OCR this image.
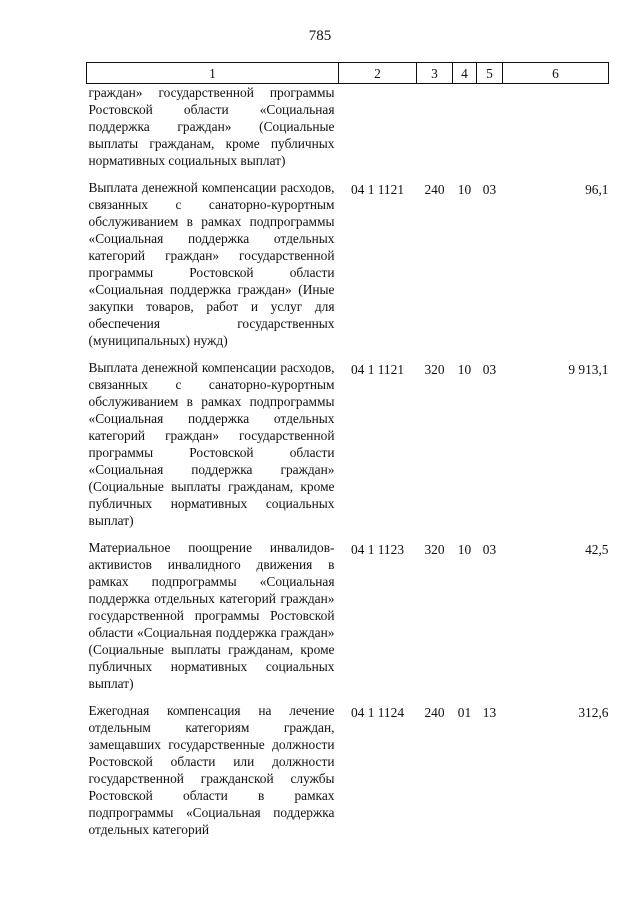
785
1	2	3	4	5	6
граждан» государственной программы Ростовской области «Социальная поддержка граждан» (Социальные выплаты гражданам, кроме публичных нормативных социальных выплат)					
Выплата денежной компенсации расходов, связанных с санаторно-курортным обслуживанием в рамках подпрограммы «Социальная поддержка отдельных категорий граждан» государственной программы Ростовской области «Социальная поддержка граждан» (Иные закупки товаров, работ и услуг для обеспечения государственных (муниципальных) нужд)	04 1 1121	240	10	03	96,1
Выплата денежной компенсации расходов, связанных с санаторно-курортным обслуживанием в рамках подпрограммы «Социальная поддержка отдельных категорий граждан» государственной программы Ростовской области «Социальная поддержка граждан» (Социальные выплаты гражданам, кроме публичных нормативных социальных выплат)	04 1 1121	320	10	03	9 913,1
Материальное поощрение инвалидов-активистов инвалидного движения в рамках подпрограммы «Социальная поддержка отдельных категорий граждан» государственной программы Ростовской области «Социальная поддержка граждан» (Социальные выплаты гражданам, кроме публичных нормативных социальных выплат)	04 1 1123	320	10	03	42,5
Ежегодная компенсация на лечение отдельным категориям граждан, замещавших государственные должности Ростовской области или должности государственной гражданской службы Ростовской области в рамках подпрограммы «Социальная поддержка отдельных категорий	04 1 1124	240	01	13	312,6
